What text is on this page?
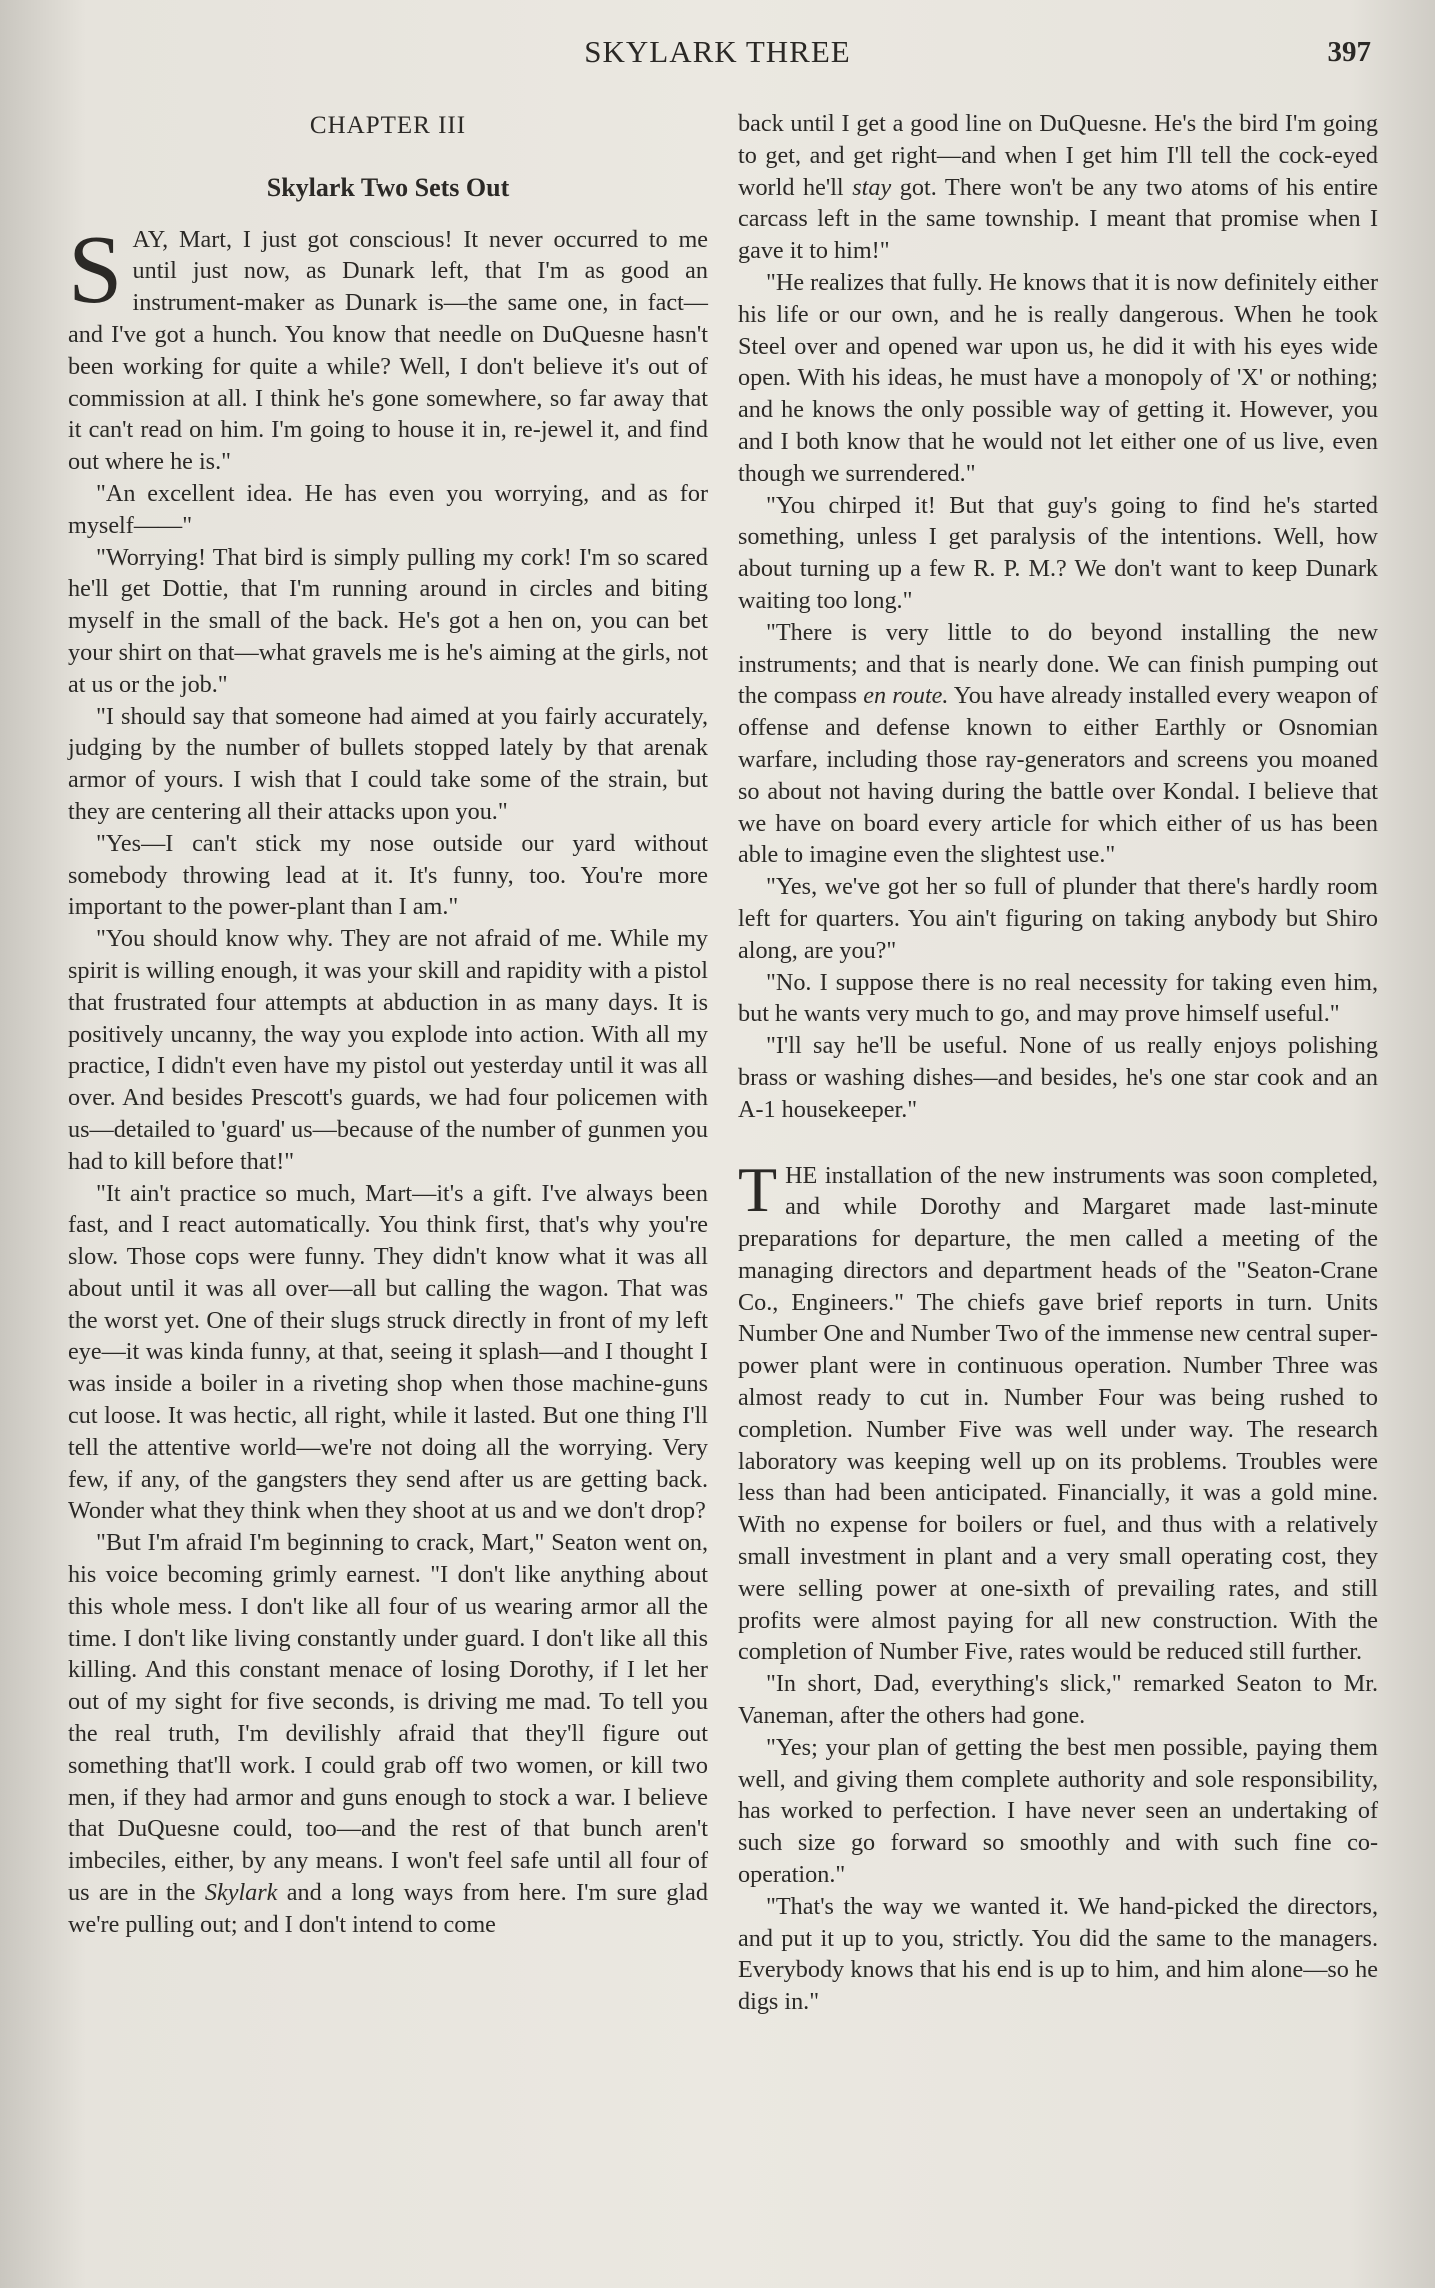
SKYLARK THREE	397
CHAPTER III
Skylark Two Sets Out

SAY, Mart, I just got conscious! It never occurred to me until just now, as Dunark left, that I'm as good an instrument-maker as Dunark is—the same one, in fact—and I've got a hunch. You know that needle on DuQuesne hasn't been working for quite a while? Well, I don't believe it's out of commission at all. I think he's gone somewhere, so far away that it can't read on him. I'm going to house it in, re-jewel it, and find out where he is."

"An excellent idea. He has even you worrying, and as for myself——"

"Worrying! That bird is simply pulling my cork! I'm so scared he'll get Dottie, that I'm running around in circles and biting myself in the small of the back. He's got a hen on, you can bet your shirt on that—what gravels me is he's aiming at the girls, not at us or the job."

"I should say that someone had aimed at you fairly accurately, judging by the number of bullets stopped lately by that arenak armor of yours. I wish that I could take some of the strain, but they are centering all their attacks upon you."

"Yes—I can't stick my nose outside our yard without somebody throwing lead at it. It's funny, too. You're more important to the power-plant than I am."

"You should know why. They are not afraid of me. While my spirit is willing enough, it was your skill and rapidity with a pistol that frustrated four attempts at abduction in as many days. It is positively uncanny, the way you explode into action. With all my practice, I didn't even have my pistol out yesterday until it was all over. And besides Prescott's guards, we had four policemen with us—detailed to 'guard' us—because of the number of gunmen you had to kill before that!"

"It ain't practice so much, Mart—it's a gift. I've always been fast, and I react automatically. You think first, that's why you're slow. Those cops were funny. They didn't know what it was all about until it was all over—all but calling the wagon. That was the worst yet. One of their slugs struck directly in front of my left eye—it was kinda funny, at that, seeing it splash—and I thought I was inside a boiler in a riveting shop when those machine-guns cut loose. It was hectic, all right, while it lasted. But one thing I'll tell the attentive world—we're not doing all the worrying. Very few, if any, of the gangsters they send after us are getting back. Wonder what they think when they shoot at us and we don't drop?

"But I'm afraid I'm beginning to crack, Mart," Seaton went on, his voice becoming grimly earnest. "I don't like anything about this whole mess. I don't like all four of us wearing armor all the time. I don't like living constantly under guard. I don't like all this killing. And this constant menace of losing Dorothy, if I let her out of my sight for five seconds, is driving me mad. To tell you the real truth, I'm devilishly afraid that they'll figure out something that'll work. I could grab off two women, or kill two men, if they had armor and guns enough to stock a war. I believe that DuQuesne could, too—and the rest of that bunch aren't imbeciles, either, by any means. I won't feel safe until all four of us are in the Skylark and a long ways from here. I'm sure glad we're pulling out; and I don't intend to come

back until I get a good line on DuQuesne. He's the bird I'm going to get, and get right—and when I get him I'll tell the cock-eyed world he'll stay got. There won't be any two atoms of his entire carcass left in the same township. I meant that promise when I gave it to him!"

"He realizes that fully. He knows that it is now definitely either his life or our own, and he is really dangerous. When he took Steel over and opened war upon us, he did it with his eyes wide open. With his ideas, he must have a monopoly of 'X' or nothing; and he knows the only possible way of getting it. However, you and I both know that he would not let either one of us live, even though we surrendered."

"You chirped it! But that guy's going to find he's started something, unless I get paralysis of the intentions. Well, how about turning up a few R. P. M.? We don't want to keep Dunark waiting too long."

"There is very little to do beyond installing the new instruments; and that is nearly done. We can finish pumping out the compass en route. You have already installed every weapon of offense and defense known to either Earthly or Osnomian warfare, including those ray-generators and screens you moaned so about not having during the battle over Kondal. I believe that we have on board every article for which either of us has been able to imagine even the slightest use."

"Yes, we've got her so full of plunder that there's hardly room left for quarters. You ain't figuring on taking anybody but Shiro along, are you?"

"No. I suppose there is no real necessity for taking even him, but he wants very much to go, and may prove himself useful."

"I'll say he'll be useful. None of us really enjoys polishing brass or washing dishes—and besides, he's one star cook and an A-1 housekeeper."

THE installation of the new instruments was soon completed, and while Dorothy and Margaret made last-minute preparations for departure, the men called a meeting of the managing directors and department heads of the "Seaton-Crane Co., Engineers." The chiefs gave brief reports in turn. Units Number One and Number Two of the immense new central super-power plant were in continuous operation. Number Three was almost ready to cut in. Number Four was being rushed to completion. Number Five was well under way. The research laboratory was keeping well up on its problems. Troubles were less than had been anticipated. Financially, it was a gold mine. With no expense for boilers or fuel, and thus with a relatively small investment in plant and a very small operating cost, they were selling power at one-sixth of prevailing rates, and still profits were almost paying for all new construction. With the completion of Number Five, rates would be reduced still further.

"In short, Dad, everything's slick," remarked Seaton to Mr. Vaneman, after the others had gone.

"Yes; your plan of getting the best men possible, paying them well, and giving them complete authority and sole responsibility, has worked to perfection. I have never seen an undertaking of such size go forward so smoothly and with such fine co-operation."

"That's the way we wanted it. We hand-picked the directors, and put it up to you, strictly. You did the same to the managers. Everybody knows that his end is up to him, and him alone—so he digs in."
